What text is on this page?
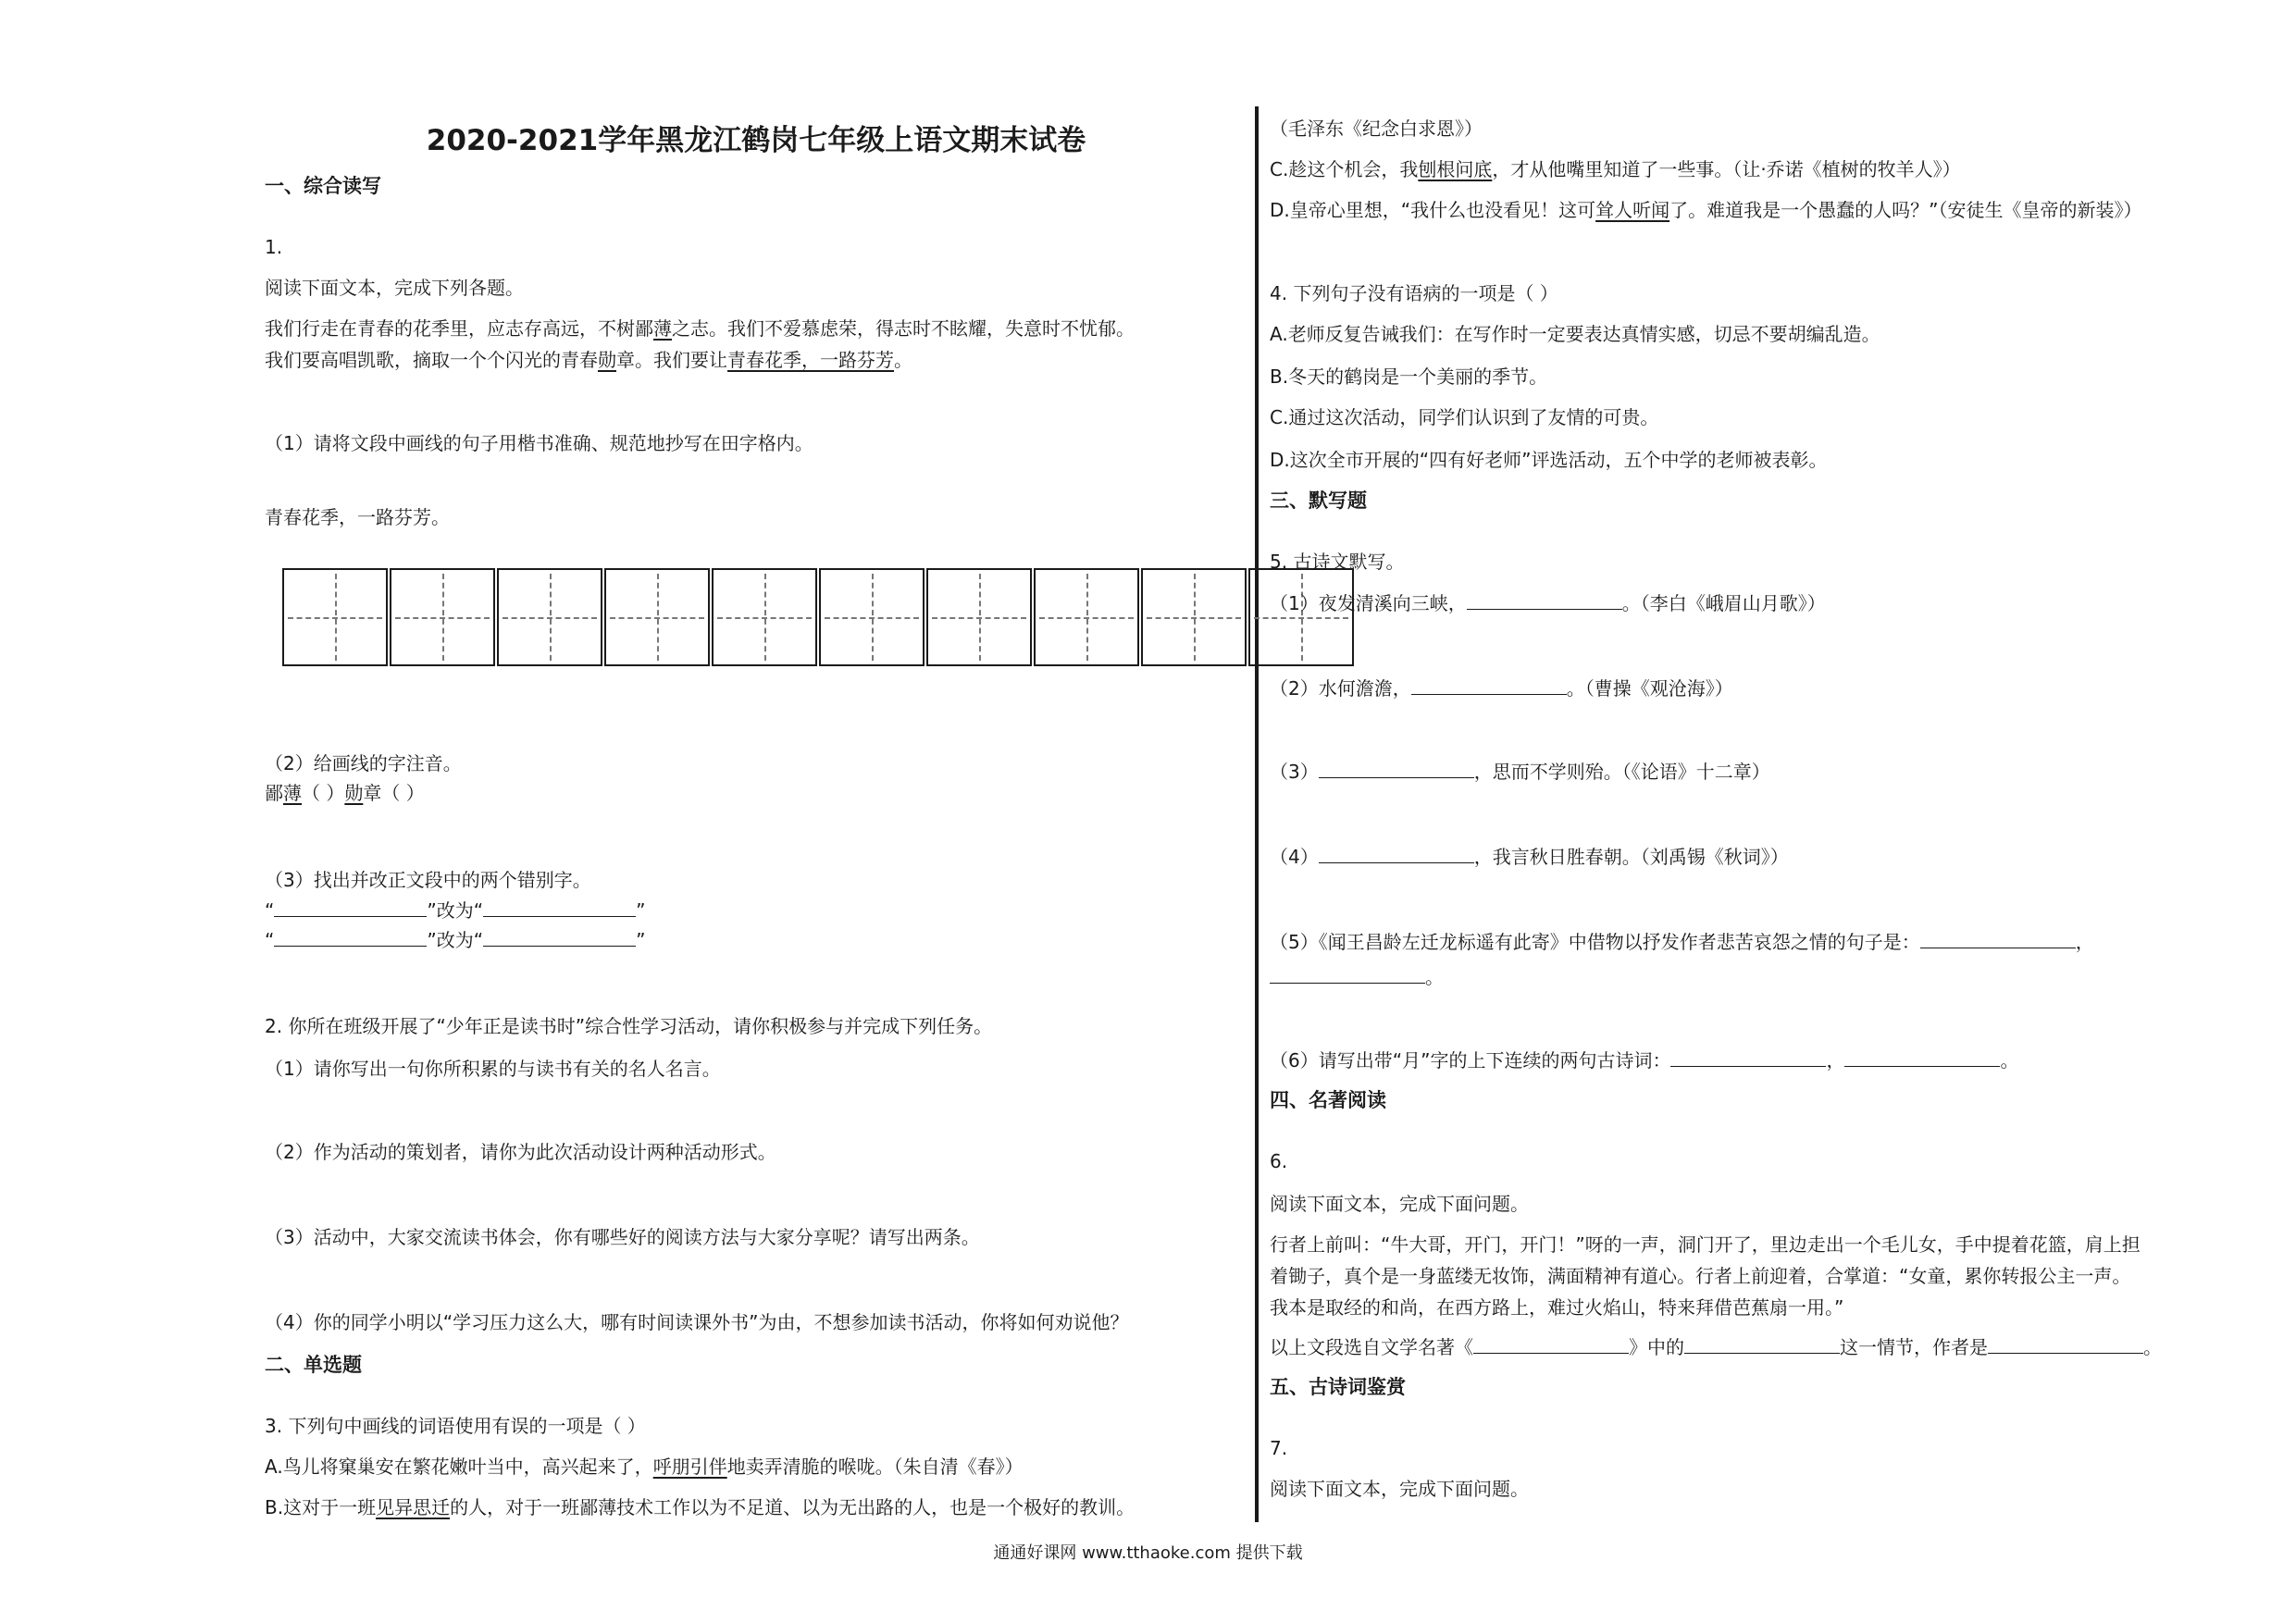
2020-2021学年黑龙江鹤岗七年级上语文期末试卷
一、综合读写
1.
阅读下面文本，完成下列各题。
我们行走在青春的花季里，应志存高远，不树鄙薄之志。我们不爱慕虑荣，得志时不眩耀，失意时不忧郁。
我们要高唱凯歌，摘取一个个闪光的青春勋章。我们要让青春花季，一路芬芳。
（1）请将文段中画线的句子用楷书准确、规范地抄写在田字格内。
青春花季，一路芬芳。
（2）给画线的字注音。
鄙薄（ ）勋章（ ）
（3）找出并改正文段中的两个错别字。
“	”改为“	”
“	”改为“	”
2. 你所在班级开展了“少年正是读书时”综合性学习活动，请你积极参与并完成下列任务。
（1）请你写出一句你所积累的与读书有关的名人名言。
（2）作为活动的策划者，请你为此次活动设计两种活动形式。
（3）活动中，大家交流读书体会，你有哪些好的阅读方法与大家分享呢？请写出两条。
（4）你的同学小明以“学习压力这么大，哪有时间读课外书”为由，不想参加读书活动，你将如何劝说他？
二、单选题
3. 下列句中画线的词语使用有误的一项是（ ）
A.鸟儿将窠巢安在繁花嫩叶当中，高兴起来了，呼朋引伴地卖弄清脆的喉咙。（朱自清《春》）
B.这对于一班见异思迁的人，对于一班鄙薄技术工作以为不足道、以为无出路的人，也是一个极好的教训。
（毛泽东《纪念白求恩》）
C.趁这个机会，我刨根问底，才从他嘴里知道了一些事。（让·乔诺《植树的牧羊人》）
D.皇帝心里想，“我什么也没看见！这可耸人听闻了。难道我是一个愚蠢的人吗？”（安徒生《皇帝的新装》）
4. 下列句子没有语病的一项是（ ）
A.老师反复告诫我们：在写作时一定要表达真情实感，切忌不要胡编乱造。
B.冬天的鹤岗是一个美丽的季节。
C.通过这次活动，同学们认识到了友情的可贵。
D.这次全市开展的“四有好老师”评选活动，五个中学的老师被表彰。
三、默写题
5. 古诗文默写。
（1）夜发清溪向三峡，	。（李白《峨眉山月歌》）
（2）水何澹澹，	。（曹操《观沧海》）
（3）	，思而不学则殆。（《论语》十二章）
（4）	，我言秋日胜春朝。（刘禹锡《秋词》）
（5）《闻王昌龄左迁龙标遥有此寄》中借物以抒发作者悲苦哀怨之情的句子是：	，
。
（6）请写出带“月”字的上下连续的两句古诗词：	，	。
四、名著阅读
6.
阅读下面文本，完成下面问题。
行者上前叫：“牛大哥，开门，开门！”呀的一声，洞门开了，里边走出一个毛儿女，手中提着花篮，肩上担
着锄子，真个是一身蓝缕无妆饰，满面精神有道心。行者上前迎着，合掌道：“女童，累你转报公主一声。
我本是取经的和尚，在西方路上，难过火焰山，特来拜借芭蕉扇一用。”
以上文段选自文学名著《	》中的	这一情节，作者是	。
五、古诗词鉴赏
7.
阅读下面文本，完成下面问题。
通通好课网 www.tthaoke.com 提供下载
